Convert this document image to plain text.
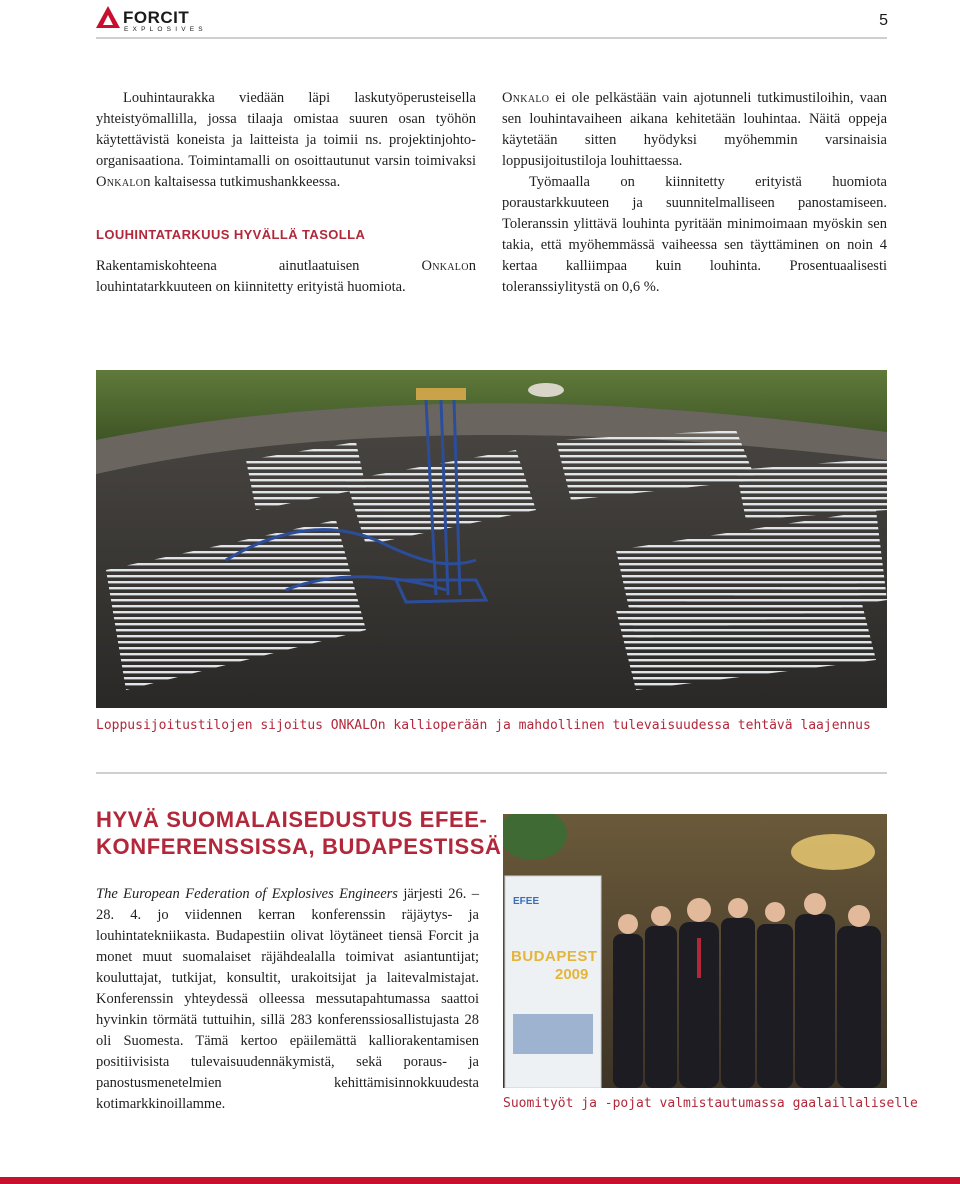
FORCIT
EXPLOSIVES
5

Louhintaurakka viedään läpi laskutyöperusteisella yhteistyömallilla, jossa tilaaja omistaa suuren osan työhön käytettävistä koneista ja laitteista ja toimii ns. projektinjohto-organisaationa. Toimintamalli on osoittautunut varsin toimivaksi Onkalon kaltaisessa tutkimushankkeessa.

LOUHINTATARKUUS HYVÄLLÄ TASOLLA

Rakentamiskohteena ainutlaatuisen Onkalon louhintatarkkuuteen on kiinnitetty erityistä huomiota.

Onkalo ei ole pelkästään vain ajotunneli tutkimustiloihin, vaan sen louhintavaiheen aikana kehitetään louhintaa. Näitä oppeja käytetään sitten hyödyksi myöhemmin varsinaisia loppusijoitustiloja louhittaessa.

Työmaalla on kiinnitetty erityistä huomiota poraustarkkuuteen ja suunnitelmalliseen panostamiseen. Toleranssin ylittävä louhinta pyritään minimoimaan myöskin sen takia, että myöhemmässä vaiheessa sen täyttäminen on noin 4 kertaa kalliimpaa kuin louhinta. Prosentuaalisesti toleranssiylitystä on 0,6 %.

Loppusijoitustilojen sijoitus ONKALOn kallioperään ja mahdollinen tulevaisuudessa tehtävä laajennus
HYVÄ SUOMALAISEDUSTUS EFEE-
KONFERENSSISSA, BUDAPESTISSÄ

The European Federation of Explosives Engineers järjesti 26. – 28. 4. jo viidennen kerran konferenssin räjäytys- ja louhintatekniikasta. Budapestiin olivat löytäneet tiensä Forcit ja monet muut suomalaiset räjähdealalla toimivat asiantuntijat; kouluttajat, tutkijat, konsultit, urakoitsijat ja laitevalmistajat. Konferenssin yhteydessä olleessa messutapahtumassa saattoi hyvinkin törmätä tuttuihin, sillä 283 konferenssiosallistujasta 28 oli Suomesta. Tämä kertoo epäilemättä kalliorakentamisen positiivisista tulevaisuudennäkymistä, sekä poraus- ja panostusmenetelmien kehittämisinnokkuudesta kotimarkkinoillamme.

EFEE
BUDAPEST
2009
Suomityöt ja -pojat valmistautumassa gaalaillaliselle
